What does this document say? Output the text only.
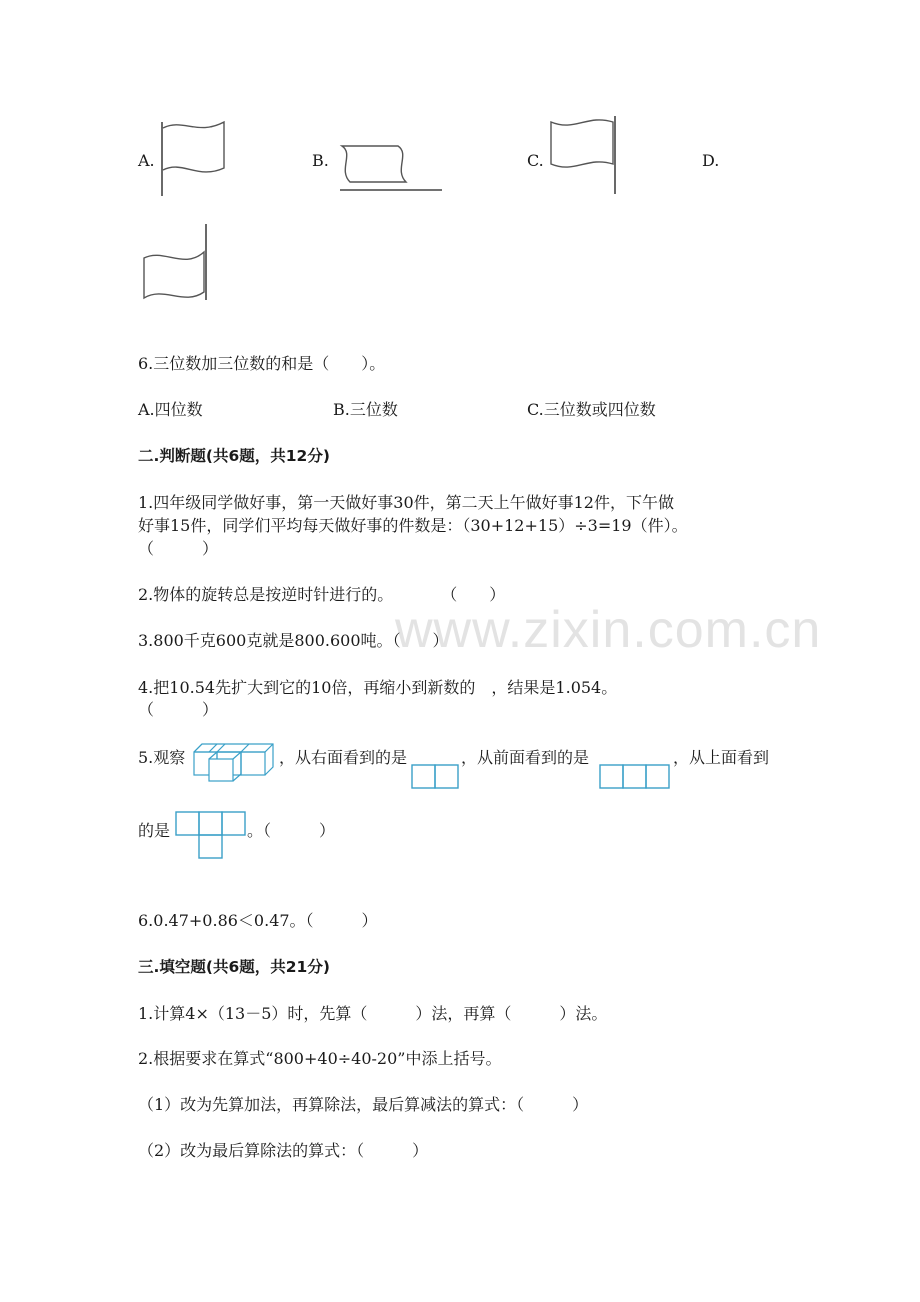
www.zixin.com.cn
A.	B.	C.	D.
6.三位数加三位数的和是（　　）。
A.四位数	B.三位数	C.三位数或四位数
二.判断题(共6题，共12分)
1.四年级同学做好事，第一天做好事30件，第二天上午做好事12件，下午做
好事15件，同学们平均每天做好事的件数是：（30+12+15）÷3=19（件）。
（　　　）
2.物体的旋转总是按逆时针进行的。　　　　（　　）
3.800千克600克就是800.600吨。（　　）
4.把10.54先扩大到它的10倍，再缩小到新数的　，结果是1.054。
（　　　）
5.观察	，从右面看到的是	，从前面看到的是	，从上面看到
的是	。（　　　）
6.0.47+0.86＜0.47。（　　　）
三.填空题(共6题，共21分)
1.计算4×（13－5）时，先算（　　　）法，再算（　　　）法。
2.根据要求在算式“800+40÷40-20”中添上括号。
（1）改为先算加法，再算除法，最后算减法的算式：（　　　）
（2）改为最后算除法的算式：（　　　）
